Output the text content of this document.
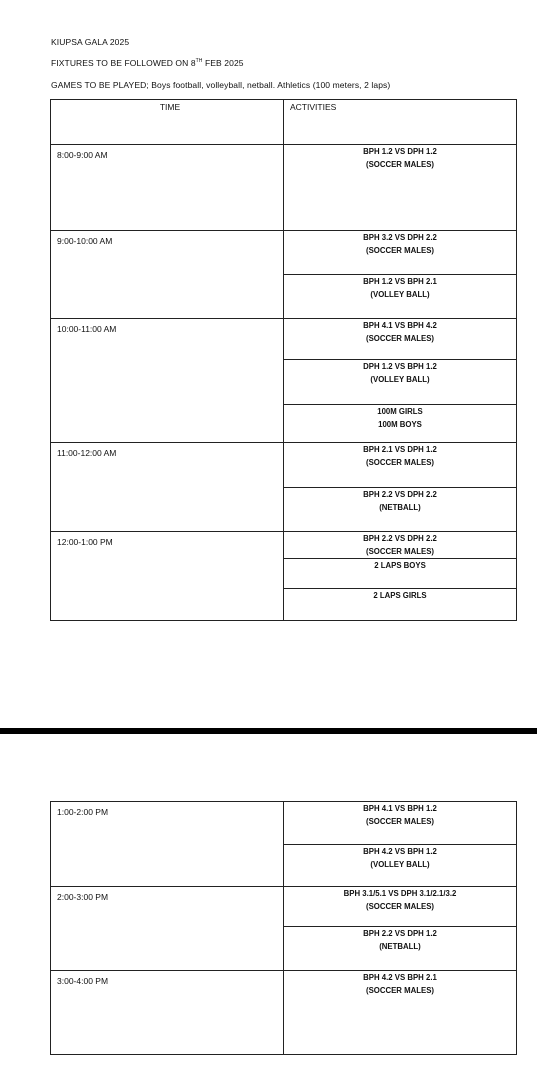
KIUPSA GALA 2025
FIXTURES TO BE FOLLOWED ON 8TH FEB 2025
GAMES TO BE PLAYED; Boys football, volleyball, netball. Athletics (100 meters, 2 laps)
TIME	ACTIVITIES

8:00-9:00 AM	BPH 1.2 VS DPH 1.2
(SOCCER MALES)

9:00-10:00 AM	BPH 3.2 VS DPH 2.2
(SOCCER MALES)

	BPH 1.2 VS BPH 2.1
(VOLLEY BALL)

10:00-11:00 AM	BPH 4.1 VS BPH 4.2
(SOCCER MALES)

	DPH 1.2 VS BPH 1.2
(VOLLEY BALL)

	100M GIRLS
100M BOYS

11:00-12:00 AM	BPH 2.1 VS DPH 1.2
(SOCCER MALES)

	BPH 2.2 VS DPH 2.2
(NETBALL)

12:00-1:00 PM	BPH 2.2 VS DPH 2.2
(SOCCER MALES)

	2 LAPS BOYS

	2 LAPS GIRLS
1:00-2:00 PM	BPH 4.1 VS BPH 1.2
(SOCCER MALES)

	BPH 4.2 VS BPH 1.2
(VOLLEY BALL)

2:00-3:00 PM	BPH 3.1/5.1 VS DPH 3.1/2.1/3.2
(SOCCER MALES)

	BPH 2.2 VS DPH 1.2
(NETBALL)

3:00-4:00 PM	BPH 4.2 VS BPH 2.1
(SOCCER MALES)
